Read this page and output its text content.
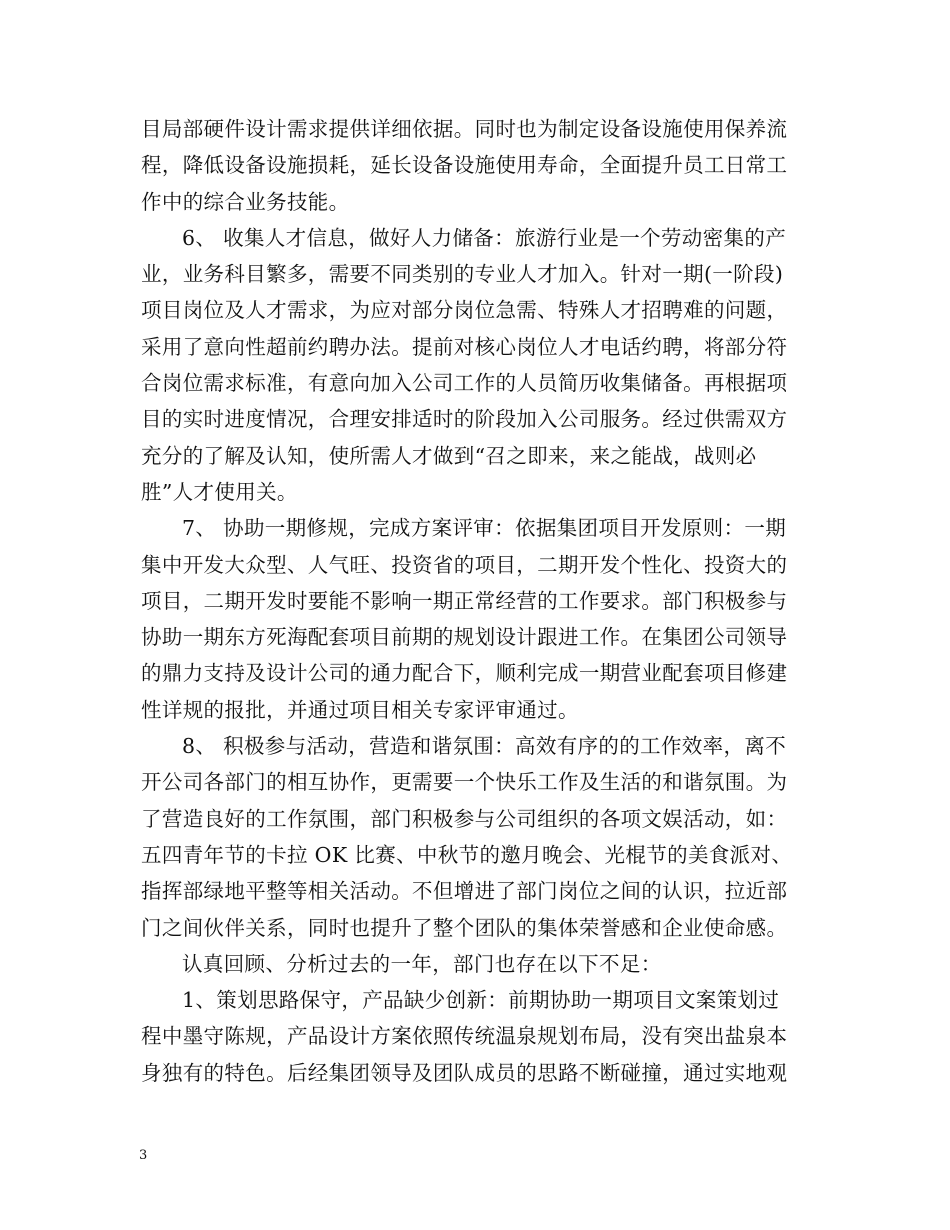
目局部硬件设计需求提供详细依据。同时也为制定设备设施使用保养流
程，降低设备设施损耗，延长设备设施使用寿命，全面提升员工日常工
作中的综合业务技能。
6、 收集人才信息，做好人力储备：旅游行业是一个劳动密集的产
业，业务科目繁多，需要不同类别的专业人才加入。针对一期(一阶段)
项目岗位及人才需求，为应对部分岗位急需、特殊人才招聘难的问题，
采用了意向性超前约聘办法。提前对核心岗位人才电话约聘，将部分符
合岗位需求标准，有意向加入公司工作的人员简历收集储备。再根据项
目的实时进度情况，合理安排适时的阶段加入公司服务。经过供需双方
充分的了解及认知，使所需人才做到“召之即来，来之能战，战则必
胜”人才使用关。
7、 协助一期修规，完成方案评审：依据集团项目开发原则：一期
集中开发大众型、人气旺、投资省的项目，二期开发个性化、投资大的
项目，二期开发时要能不影响一期正常经营的工作要求。部门积极参与
协助一期东方死海配套项目前期的规划设计跟进工作。在集团公司领导
的鼎力支持及设计公司的通力配合下，顺利完成一期营业配套项目修建
性详规的报批，并通过项目相关专家评审通过。
8、 积极参与活动，营造和谐氛围：高效有序的的工作效率，离不
开公司各部门的相互协作，更需要一个快乐工作及生活的和谐氛围。为
了营造良好的工作氛围，部门积极参与公司组织的各项文娱活动，如：
五四青年节的卡拉 OK 比赛、中秋节的邀月晚会、光棍节的美食派对、
指挥部绿地平整等相关活动。不但增进了部门岗位之间的认识，拉近部
门之间伙伴关系，同时也提升了整个团队的集体荣誉感和企业使命感。
认真回顾、分析过去的一年，部门也存在以下不足：
1、策划思路保守，产品缺少创新：前期协助一期项目文案策划过
程中墨守陈规，产品设计方案依照传统温泉规划布局，没有突出盐泉本
身独有的特色。后经集团领导及团队成员的思路不断碰撞，通过实地观
3
